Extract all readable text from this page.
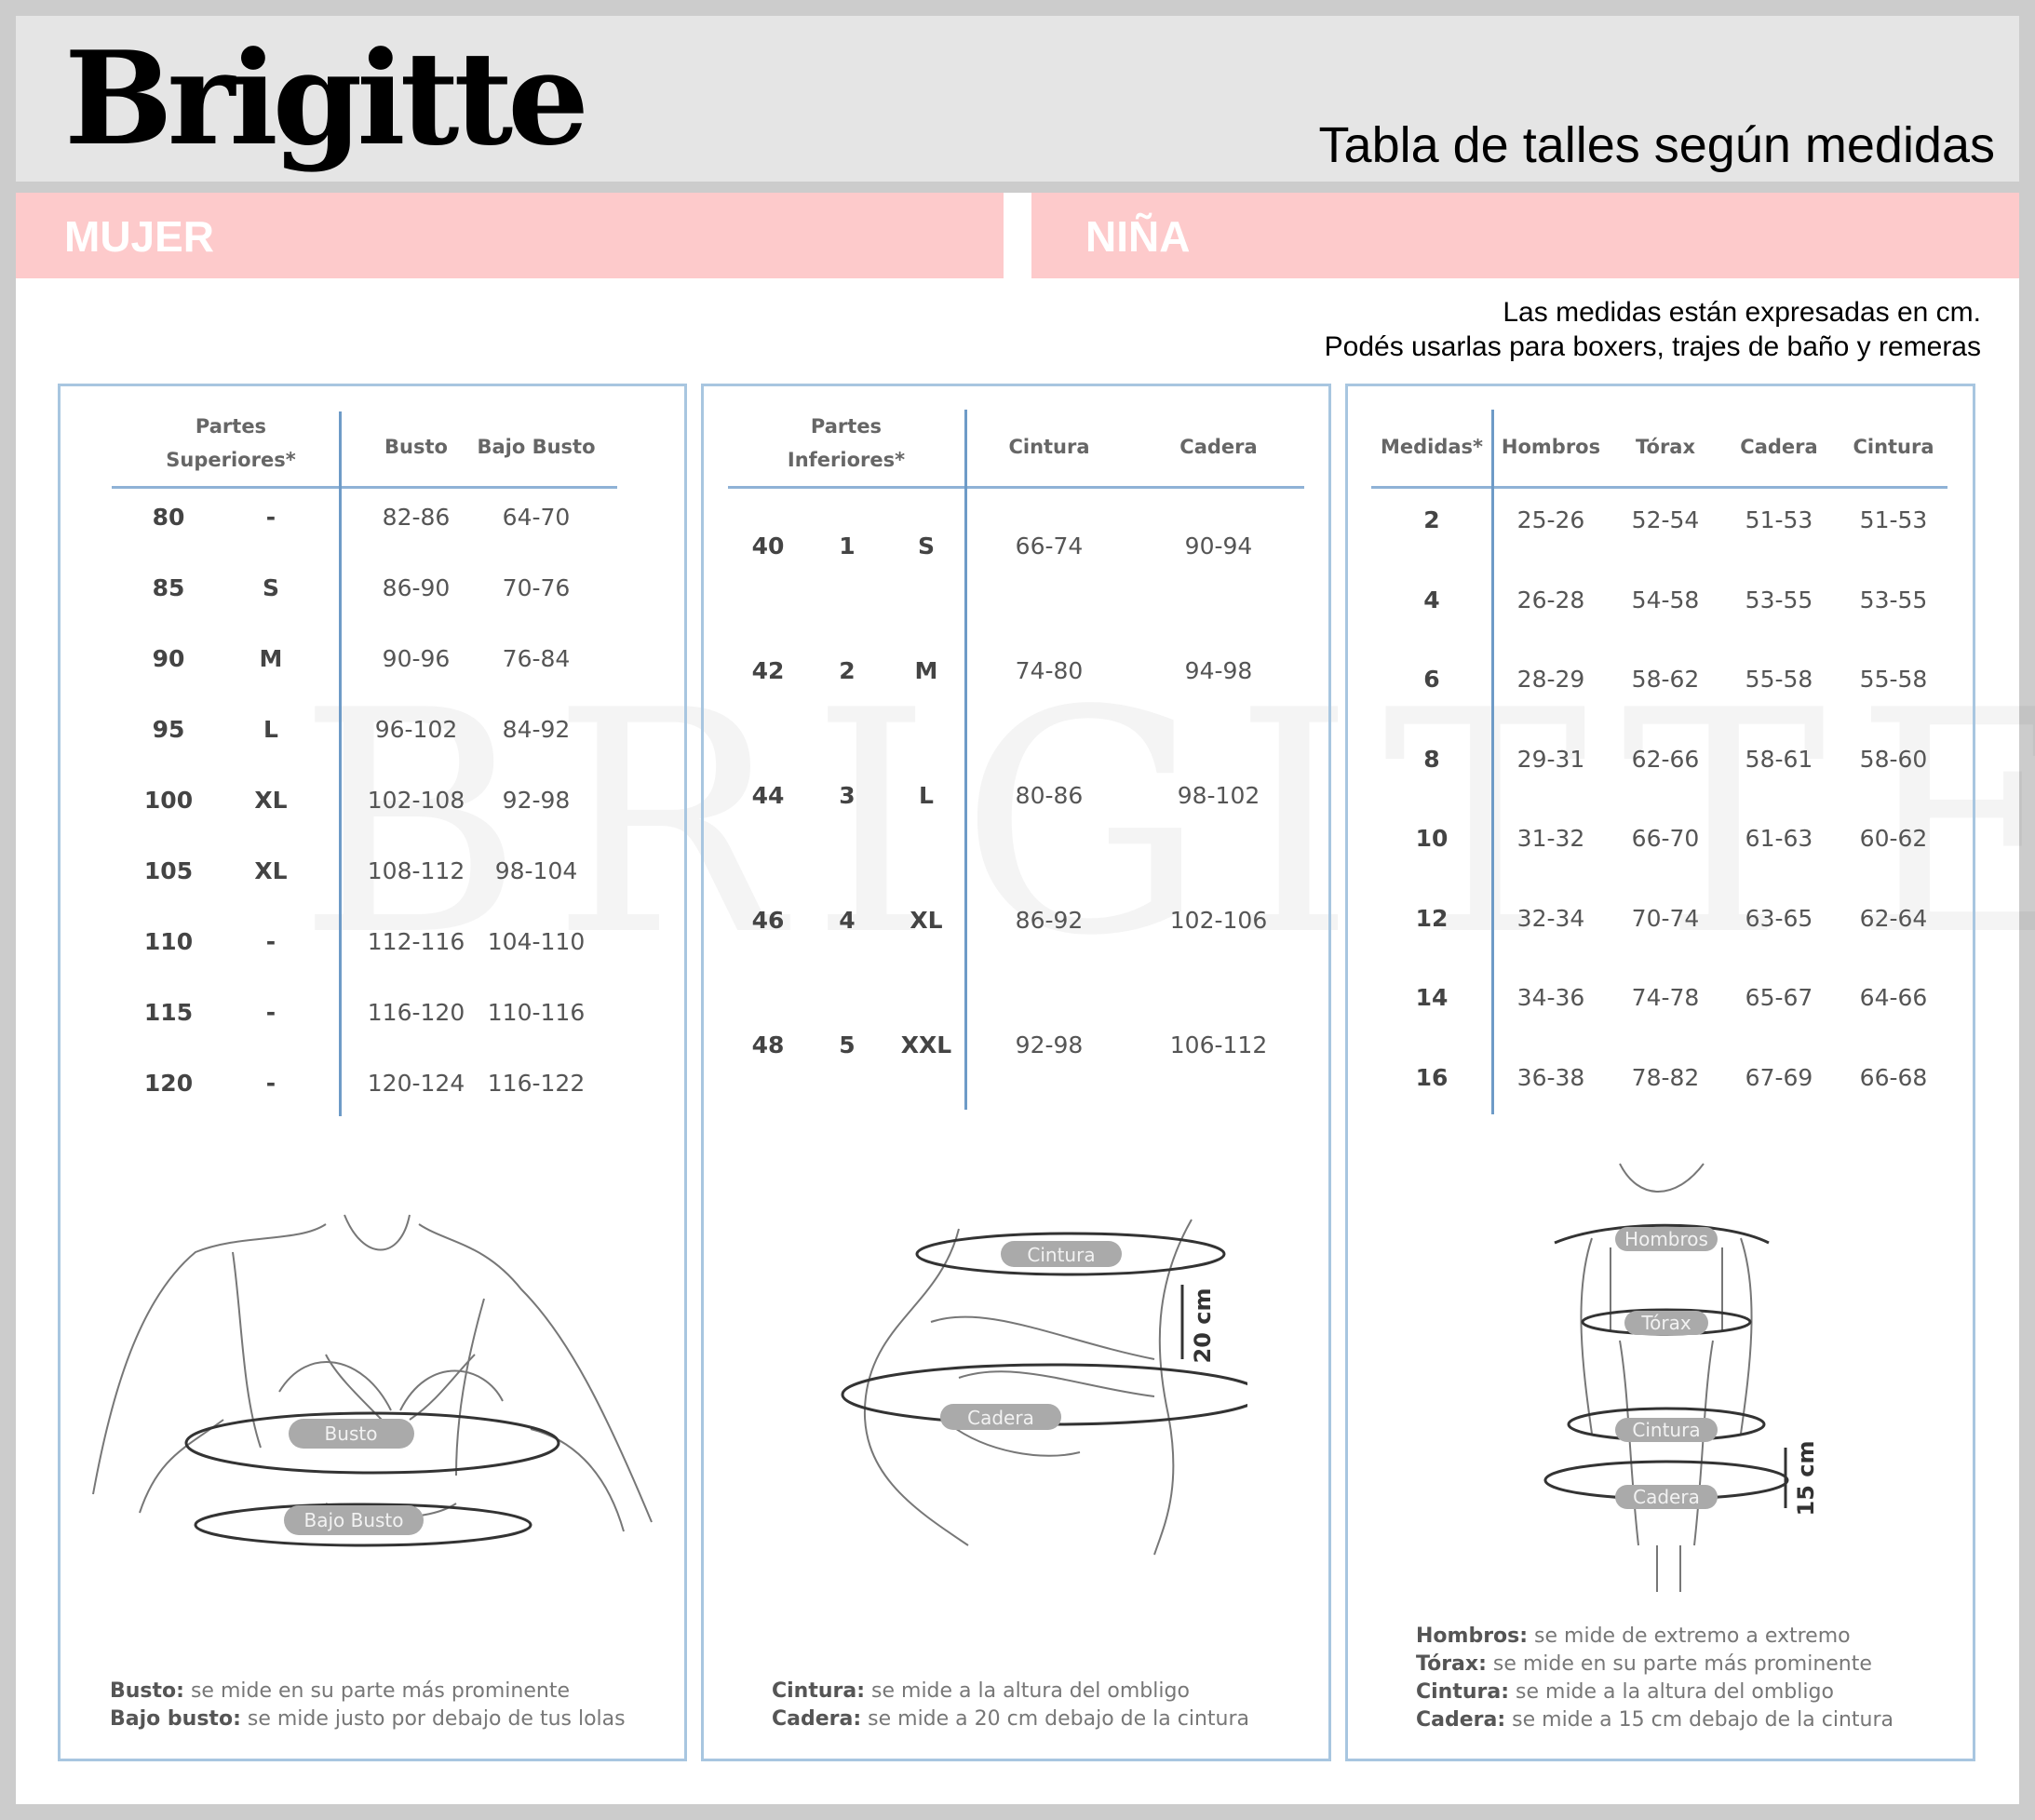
Brigitte	Tabla de talles según medidas
MUJER	NIÑA
Las medidas están expresadas en cm.
Podés usarlas para boxers, trajes de baño y remeras
Partes Superiores*
Busto Bajo Busto
80	-	82-86 64-70
85	S	86-90 70-76
90	M	90-96 76-84
95	L	96-102 84-92
100	XL	102-108 92-98
105	XL	108-112 98-104
110	-	112-116 104-110
115	-	116-120 110-116
120	-	120-124 116-122
Partes Inferiores*
Cintura	Cadera
40 1	S	66-74	90-94
42 2	M	74-80	94-98
44 3	L	80-86	98-102
46 4 XL	86-92	102-106
48 5 XXL	92-98	106-112
Medidas* Hombros Tórax Cadera Cintura
2	25-26 52-54 51-53 51-53
4	26-28 54-58 53-55 53-55
6	28-29 58-62 55-58 55-58
8	29-31 62-66 58-61 58-60
10	31-32 66-70 61-63 60-62
12	32-34 70-74 63-65 62-64
14	34-36 74-78 65-67 64-66
16	36-38 78-82 67-69 66-68
Busto
Bajo Busto
Cintura
Cadera
20 cm
Hombros
Tórax
Cintura
Cadera	15 cm
Busto: se mide en su parte más prominente
Bajo busto: se mide justo por debajo de tus lolas
Cintura: se mide a la altura del ombligo
Cadera: se mide a 20 cm debajo de la cintura
Hombros: se mide de extremo a extremo
Tórax: se mide en su parte más prominente
Cintura: se mide a la altura del ombligo
Cadera: se mide a 15 cm debajo de la cintura
